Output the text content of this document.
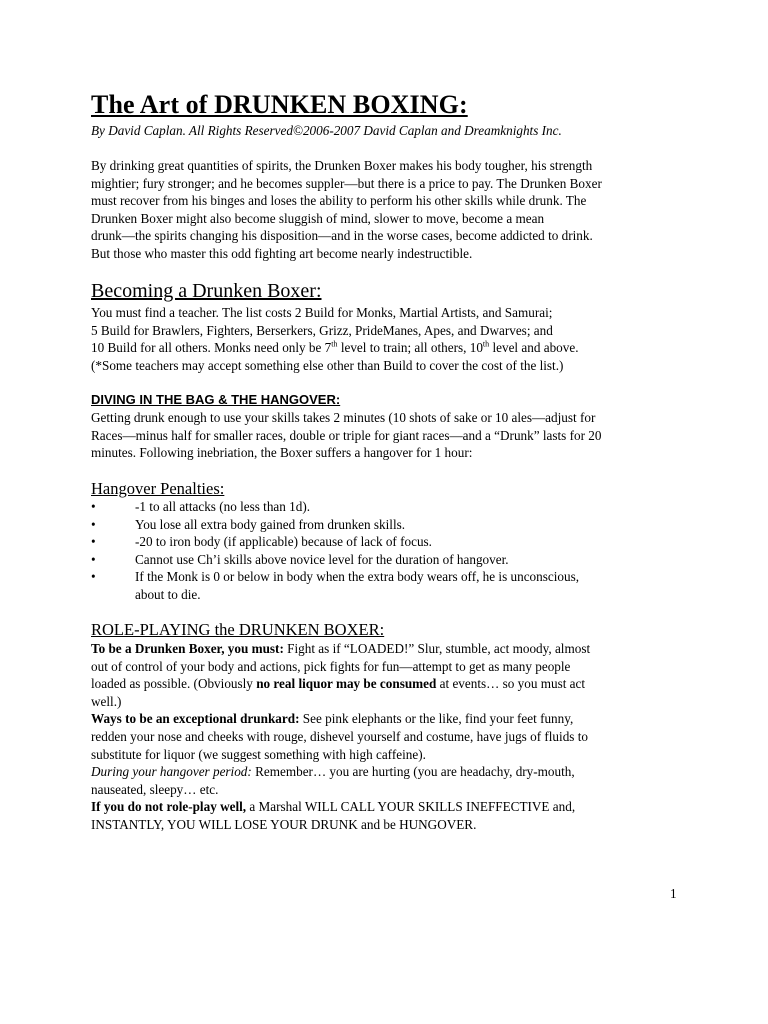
The Art of DRUNKEN BOXING:
By David Caplan. All Rights Reserved©2006-2007 David Caplan and Dreamknights Inc.
By drinking great quantities of spirits, the Drunken Boxer makes his body tougher, his strength
mightier; fury stronger; and he becomes suppler—but there is a price to pay. The Drunken Boxer
must recover from his binges and loses the ability to perform his other skills while drunk. The
Drunken Boxer might also become sluggish of mind, slower to move, become a mean
drunk—the spirits changing his disposition—and in the worse cases, become addicted to drink.
But those who master this odd fighting art become nearly indestructible.
Becoming a Drunken Boxer:
You must find a teacher. The list costs 2 Build for Monks, Martial Artists, and Samurai;
5 Build for Brawlers, Fighters, Berserkers, Grizz, PrideManes, Apes, and Dwarves; and
10 Build for all others. Monks need only be 7th level to train; all others, 10th level and above.
(*Some teachers may accept something else other than Build to cover the cost of the list.)
DIVING IN THE BAG & THE HANGOVER:
Getting drunk enough to use your skills takes 2 minutes (10 shots of sake or 10 ales—adjust for
Races—minus half for smaller races, double or triple for giant races—and a “Drunk” lasts for 20
minutes. Following inebriation, the Boxer suffers a hangover for 1 hour:
Hangover Penalties:
•	-1 to all attacks (no less than 1d).
•	You lose all extra body gained from drunken skills.
•	-20 to iron body (if applicable) because of lack of focus.
•	Cannot use Ch’i skills above novice level for the duration of hangover.
•	If the Monk is 0 or below in body when the extra body wears off, he is unconscious,
about to die.
ROLE-PLAYING the DRUNKEN BOXER:
To be a Drunken Boxer, you must: Fight as if “LOADED!” Slur, stumble, act moody, almost
out of control of your body and actions, pick fights for fun—attempt to get as many people
loaded as possible. (Obviously no real liquor may be consumed at events… so you must act
well.)
Ways to be an exceptional drunkard: See pink elephants or the like, find your feet funny,
redden your nose and cheeks with rouge, dishevel yourself and costume, have jugs of fluids to
substitute for liquor (we suggest something with high caffeine).
During your hangover period: Remember… you are hurting (you are headachy, dry-mouth,
nauseated, sleepy… etc.
If you do not role-play well, a Marshal WILL CALL YOUR SKILLS INEFFECTIVE and,
INSTANTLY, YOU WILL LOSE YOUR DRUNK and be HUNGOVER.
1
